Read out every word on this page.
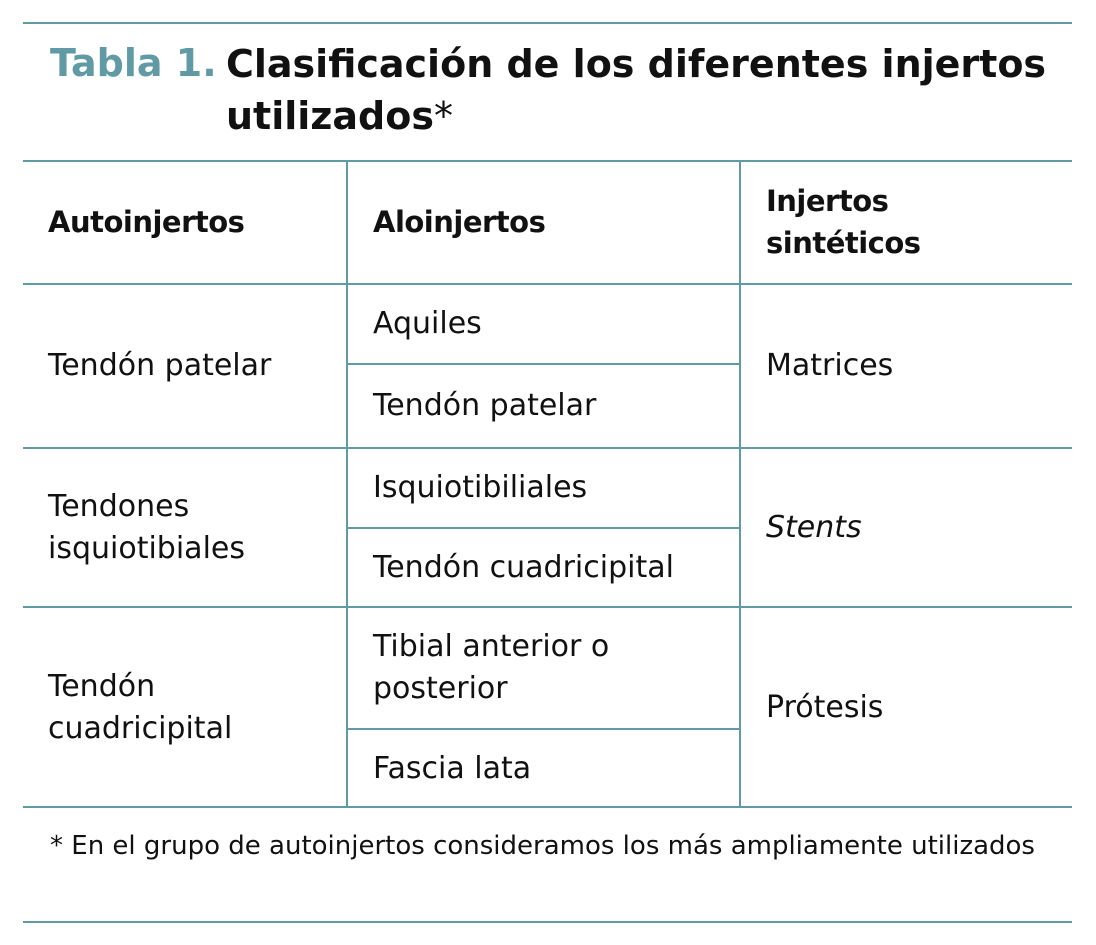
Tabla 1. Clasificación de los diferentes injertos utilizados*
Autoinjertos	Aloinjertos	Injertos sintéticos
Tendón patelar	Aquiles	Matrices
	Tendón patelar	
Tendones isquiotibiales	Isquiotibiliales	Stents
	Tendón cuadricipital	
Tendón cuadricipital	Tibial anterior o posterior	Prótesis
	Fascia lata	
* En el grupo de autoinjertos consideramos los más ampliamente utilizados
